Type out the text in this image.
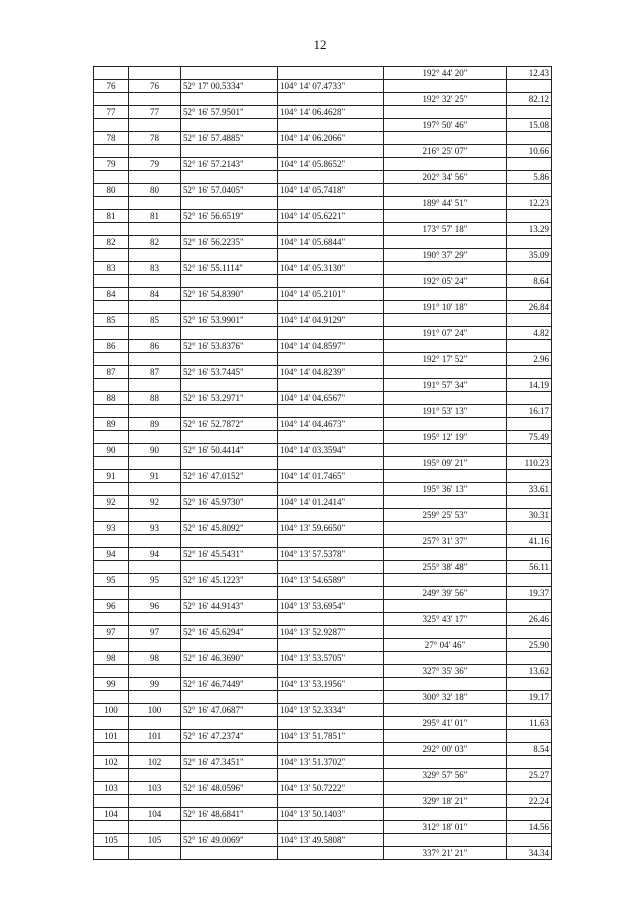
12
				192° 44' 20"	12.43
76	76	52° 17' 00.5334"	104° 14' 07.4733"		
				192° 32' 25"	82.12
77	77	52° 16' 57.9501"	104° 14' 06.4628"		
				197° 50' 46"	15.08
78	78	52° 16' 57.4885"	104° 14' 06.2066"		
				216° 25' 07"	10.66
79	79	52° 16' 57.2143"	104° 14' 05.8652"		
				202° 34' 56"	5.86
80	80	52° 16' 57.0405"	104° 14' 05.7418"		
				189° 44' 51"	12.23
81	81	52° 16' 56.6519"	104° 14' 05.6221"		
				173° 57' 18"	13.29
82	82	52° 16' 56.2235"	104° 14' 05.6844"		
				190° 37' 29"	35.09
83	83	52° 16' 55.1114"	104° 14' 05.3130"		
				192° 05' 24"	8.64
84	84	52° 16' 54.8390"	104° 14' 05.2101"		
				191° 10' 18"	26.84
85	85	52° 16' 53.9901"	104° 14' 04.9129"		
				191° 07' 24"	4.82
86	86	52° 16' 53.8376"	104° 14' 04.8597"		
				192° 17' 52"	2.96
87	87	52° 16' 53.7445"	104° 14' 04.8239"		
				191° 57' 34"	14.19
88	88	52° 16' 53.2971"	104° 14' 04.6567"		
				191° 53' 13"	16.17
89	89	52° 16' 52.7872"	104° 14' 04.4673"		
				195° 12' 19"	75.49
90	90	52° 16' 50.4414"	104° 14' 03.3594"		
				195° 09' 21"	110.23
91	91	52° 16' 47.0152"	104° 14' 01.7465"		
				195° 36' 13"	33.61
92	92	52° 16' 45.9730"	104° 14' 01.2414"		
				259° 25' 53"	30.31
93	93	52° 16' 45.8092"	104° 13' 59.6650"		
				257° 31' 37"	41.16
94	94	52° 16' 45.5431"	104° 13' 57.5378"		
				255° 38' 48"	56.11
95	95	52° 16' 45.1223"	104° 13' 54.6589"		
				249° 39' 56"	19.37
96	96	52° 16' 44.9143"	104° 13' 53.6954"		
				325° 43' 17"	26.46
97	97	52° 16' 45.6294"	104° 13' 52.9287"		
				27° 04' 46"	25.90
98	98	52° 16' 46.3690"	104° 13' 53.5705"		
				327° 35' 36"	13.62
99	99	52° 16' 46.7449"	104° 13' 53.1956"		
				300° 32' 18"	19.17
100	100	52° 16' 47.0687"	104° 13' 52.3334"		
				295° 41' 01"	11.63
101	101	52° 16' 47.2374"	104° 13' 51.7851"		
				292° 00' 03"	8.54
102	102	52° 16' 47.3451"	104° 13' 51.3702"		
				329° 57' 56"	25.27
103	103	52° 16' 48.0596"	104° 13' 50.7222"		
				329° 18' 21"	22.24
104	104	52° 16' 48.6841"	104° 13' 50.1403"		
				312° 18' 01"	14.56
105	105	52° 16' 49.0069"	104° 13' 49.5808"		
				337° 21' 21"	34.34
